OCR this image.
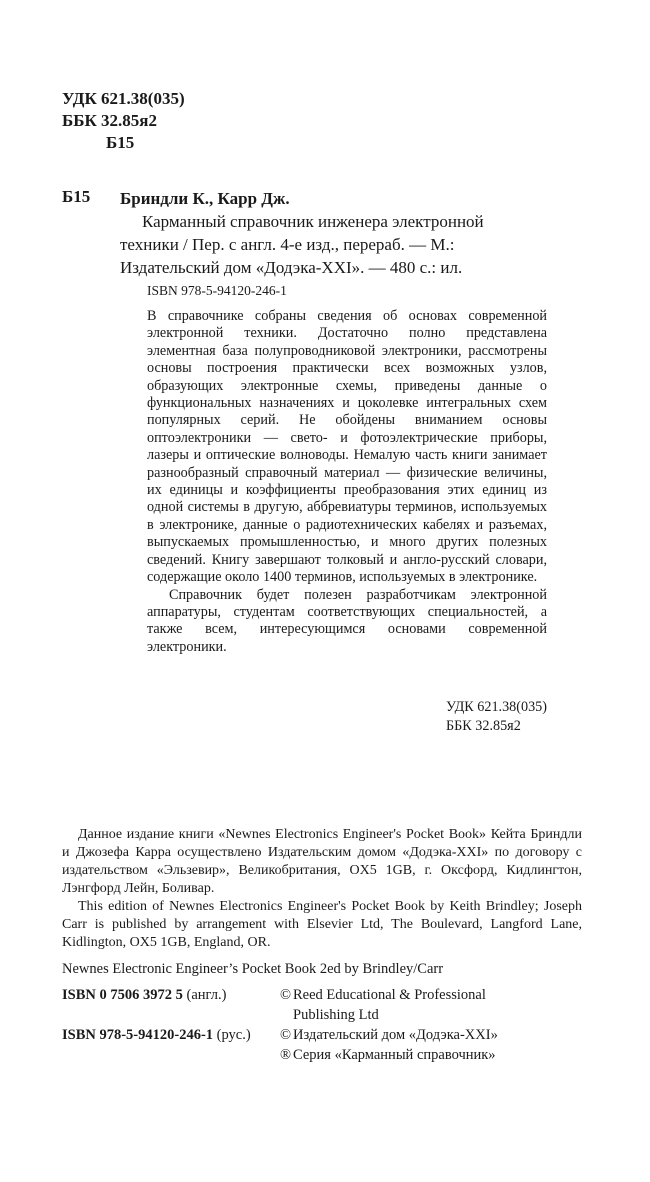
УДК 621.38(035)
ББК 32.85я2
Б15
Б15 Бриндли К., Карр Дж.
Карманный справочник инженера электронной техники / Пер. с англ. 4-е изд., перераб. — М.: Издательский дом «Додэка-XXI». — 480 с.: ил.
ISBN 978-5-94120-246-1

В справочнике собраны сведения об основах современной электронной техники. Достаточно полно представлена элементная база полупроводниковой электроники, рассмотрены основы построения практически всех возможных узлов, образующих электронные схемы, приведены данные о функциональных назначениях и цоколевке интегральных схем популярных серий. Не обойдены вниманием основы оптоэлектроники — свето- и фотоэлектрические приборы, лазеры и оптические волноводы. Немалую часть книги занимает разнообразный справочный материал — физические величины, их единицы и коэффициенты преобразования этих единиц из одной системы в другую, аббревиатуры терминов, используемых в электронике, данные о радиотехнических кабелях и разъемах, выпускаемых промышленностью, и много других полезных сведений. Книгу завершают толковый и англо-русский словари, содержащие около 1400 терминов, используемых в электронике.

Справочник будет полезен разработчикам электронной аппаратуры, студентам соответствующих специальностей, а также всем, интересующимся основами современной электроники.

УДК 621.38(035)
ББК 32.85я2

Данное издание книги «Newnes Electronics Engineer's Pocket Book» Кейта Бриндли и Джозефа Карра осуществлено Издательским домом «Додэка-XXI» по договору с издательством «Эльзевир», Великобритания, OX5 1GB, г. Оксфорд, Кидлингтон, Лэнгфорд Лейн, Боливар.

This edition of Newnes Electronics Engineer's Pocket Book by Keith Brindley; Joseph Carr is published by arrangement with Elsevier Ltd, The Boulevard, Langford Lane, Kidlington, OX5 1GB, England, OR.

Newnes Electronic Engineer’s Pocket Book 2ed by Brindley/Carr
ISBN 0 7506 3972 5 (англ.)	© Reed Educational & Professional
Publishing Ltd
ISBN 978-5-94120-246-1 (рус.) © Издательский дом «Додэка-XXI»
® Серия «Карманный справочник»
